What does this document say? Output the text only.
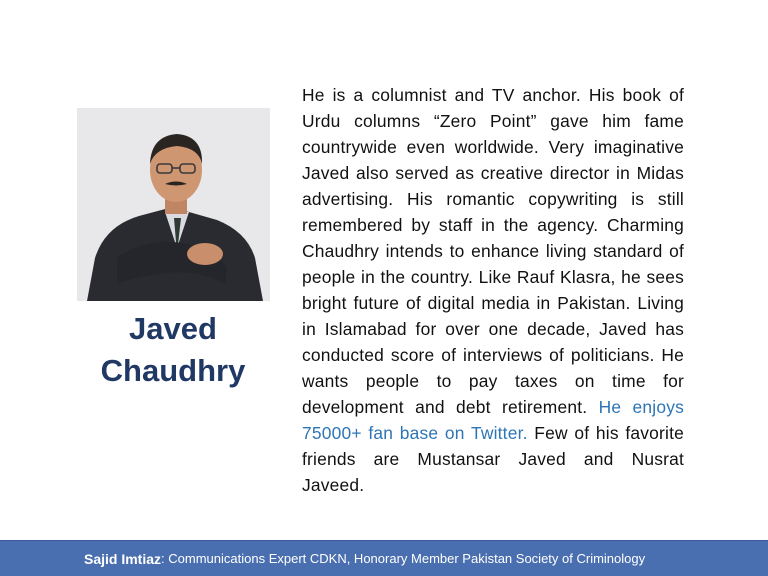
Javed
Chaudhry
He is a columnist and TV anchor. His book of Urdu columns “Zero Point” gave him fame countrywide even worldwide. Very imaginative Javed also served as creative director in Midas advertising. His romantic copywriting is still remembered by staff in the agency. Charming Chaudhry intends to enhance living standard of people in the country. Like Rauf Klasra, he sees bright future of digital media in Pakistan. Living in Islamabad for over one decade, Javed has conducted score of interviews of politicians. He wants people to pay taxes on time for development and debt retirement. He enjoys 75000+ fan base on Twitter. Few of his favorite friends are Mustansar Javed and Nusrat Javeed.
Sajid Imtiaz : Communications Expert CDKN, Honorary Member Pakistan Society of Criminology
